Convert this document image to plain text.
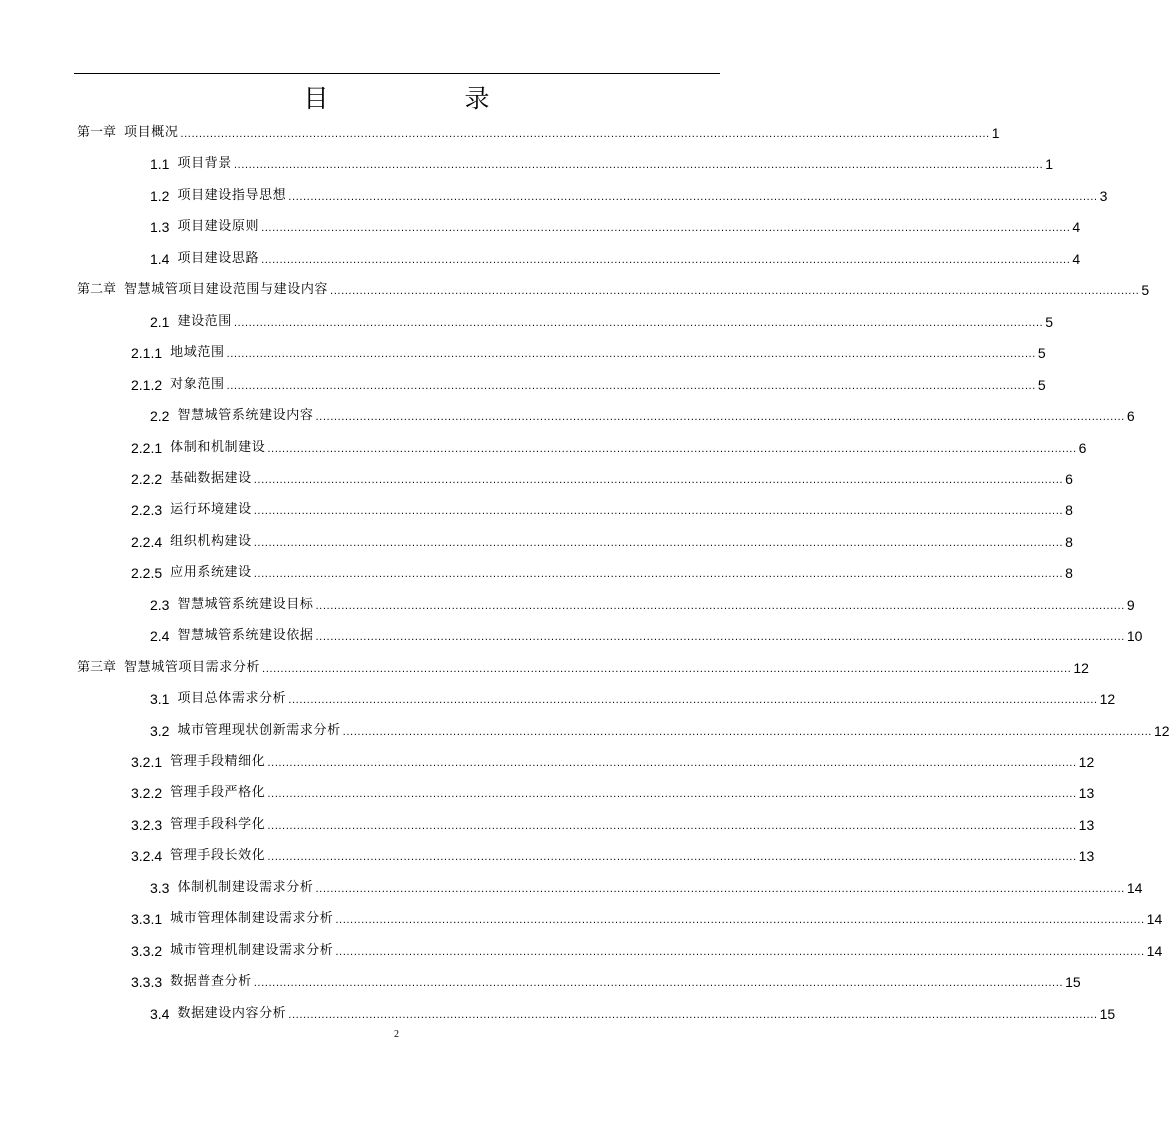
目 录
第一章 项目概况 ............................................................................................................................................................................................................................ 1
1.1 项目背景 ............................................................................................................................................................................................................................ 1
1.2 项目建设指导思想 ............................................................................................................................................................................................................................ 3
1.3 项目建设原则 ............................................................................................................................................................................................................................ 4
1.4 项目建设思路 ............................................................................................................................................................................................................................ 4
第二章 智慧城管项目建设范围与建设内容 ............................................................................................................................................................................................................................ 5
2.1 建设范围 ............................................................................................................................................................................................................................ 5
2.1.1 地域范围 ............................................................................................................................................................................................................................ 5
2.1.2 对象范围 ............................................................................................................................................................................................................................ 5
2.2 智慧城管系统建设内容 ............................................................................................................................................................................................................................ 6
2.2.1 体制和机制建设 ............................................................................................................................................................................................................................ 6
2.2.2 基础数据建设 ............................................................................................................................................................................................................................ 6
2.2.3 运行环境建设 ............................................................................................................................................................................................................................ 8
2.2.4 组织机构建设 ............................................................................................................................................................................................................................ 8
2.2.5 应用系统建设 ............................................................................................................................................................................................................................ 8
2.3 智慧城管系统建设目标 ............................................................................................................................................................................................................................ 9
2.4 智慧城管系统建设依据 ............................................................................................................................................................................................................................ 10
第三章 智慧城管项目需求分析 ............................................................................................................................................................................................................................ 12
3.1 项目总体需求分析 ............................................................................................................................................................................................................................ 12
3.2 城市管理现状创新需求分析 ............................................................................................................................................................................................................................ 12
3.2.1 管理手段精细化 ............................................................................................................................................................................................................................ 12
3.2.2 管理手段严格化 ............................................................................................................................................................................................................................ 13
3.2.3 管理手段科学化 ............................................................................................................................................................................................................................ 13
3.2.4 管理手段长效化 ............................................................................................................................................................................................................................ 13
3.3 体制机制建设需求分析 ............................................................................................................................................................................................................................ 14
3.3.1 城市管理体制建设需求分析 ............................................................................................................................................................................................................................ 14
3.3.2 城市管理机制建设需求分析 ............................................................................................................................................................................................................................ 14
3.3.3 数据普查分析 ............................................................................................................................................................................................................................ 15
3.4 数据建设内容分析 ............................................................................................................................................................................................................................ 15
2
